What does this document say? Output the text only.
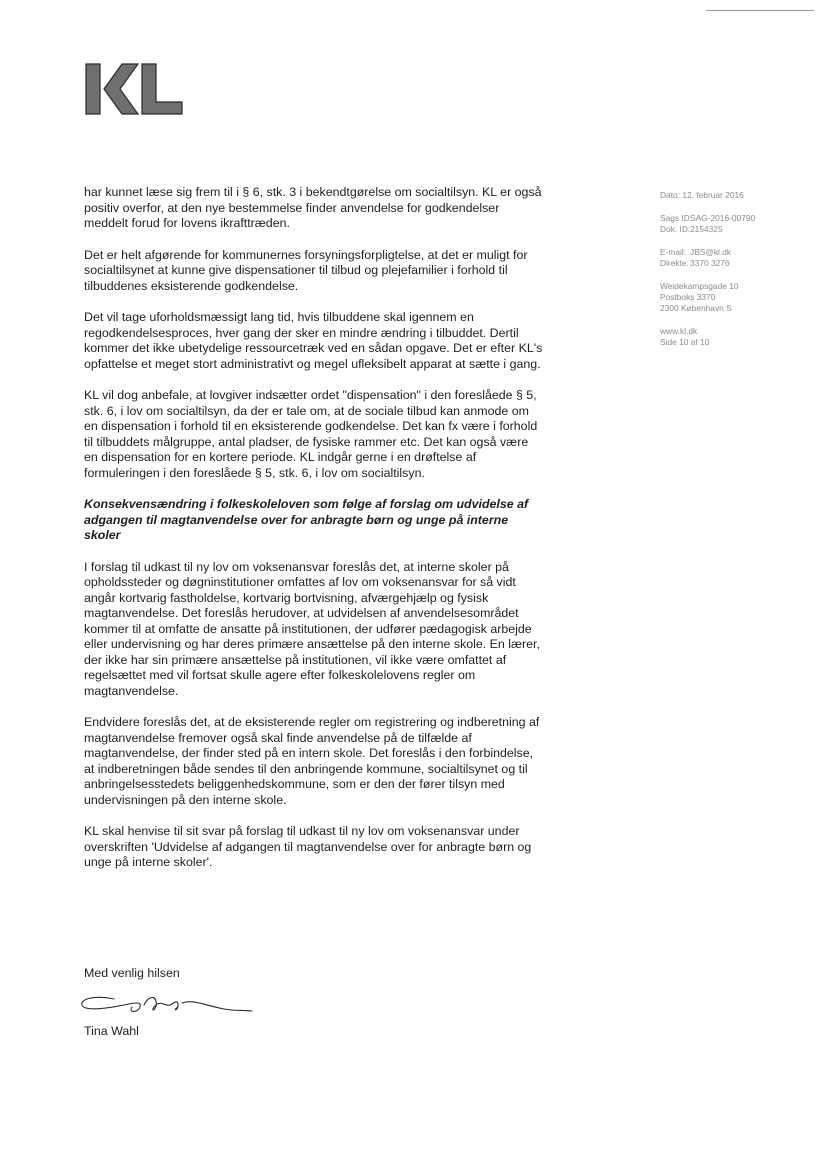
Dato: 12. februar 2016
Sags ID:SAG-2016-00790
Dok. ID:2154325
E-mail: JBS@kl.dk
Direkte:3370 3276
Weidekampsgade 10
Postboks 3370
2300 København S
www.kl.dk
Side 10 af 10

har kunnet læse sig frem til i § 6, stk. 3 i bekendtgørelse om socialtilsyn. KL er også positiv overfor, at den nye bestemmelse finder anvendelse for godkendelser meddelt forud for lovens ikrafttræden.

Det er helt afgørende for kommunernes forsyningsforpligtelse, at det er muligt for socialtilsynet at kunne give dispensationer til tilbud og plejefamilier i forhold til tilbuddenes eksisterende godkendelse.

Det vil tage uforholdsmæssigt lang tid, hvis tilbuddene skal igennem en regodkendelsesproces, hver gang der sker en mindre ændring i tilbuddet. Dertil kommer det ikke ubetydelige ressourcetræk ved en sådan opgave. Det er efter KL's opfattelse et meget stort administrativt og megel ufleksibelt apparat at sætte i gang.

KL vil dog anbefale, at lovgiver indsætter ordet "dispensation" i den foreslåede § 5, stk. 6, i lov om socialtilsyn, da der er tale om, at de sociale tilbud kan anmode om en dispensation i forhold til en eksisterende godkendelse. Det kan fx være i forhold til tilbuddets målgruppe, antal pladser, de fysiske rammer etc. Det kan også være en dispensation for en kortere periode. KL indgår gerne i en drøftelse af formuleringen i den foreslåede § 5, stk. 6, i lov om socialtilsyn.

Konsekvensændring i folkeskoleloven som følge af forslag om udvidelse af adgangen til magtanvendelse over for anbragte børn og unge på interne skoler

I forslag til udkast til ny lov om voksenansvar foreslås det, at interne skoler på opholdssteder og døgninstitutioner omfattes af lov om voksenansvar for så vidt angår kortvarig fastholdelse, kortvarig bortvisning, afværgehjælp og fysisk magtanvendelse. Det foreslås herudover, at udvidelsen af anvendelsesområdet kommer til at omfatte de ansatte på institutionen, der udfører pædagogisk arbejde eller undervisning og har deres primære ansættelse på den interne skole. En lærer, der ikke har sin primære ansættelse på institutionen, vil ikke være omfattet af regelsættet med vil fortsat skulle agere efter folkeskolelovens regler om magtanvendelse.

Endvidere foreslås det, at de eksisterende regler om registrering og indberetning af magtanvendelse fremover også skal finde anvendelse på de tilfælde af magtanvendelse, der finder sted på en intern skole. Det foreslås i den forbindelse, at indberetningen både sendes til den anbringende kommune, socialtilsynet og til anbringelsesstedets beliggenhedskommune, som er den der fører tilsyn med undervisningen på den interne skole.

KL skal henvise til sit svar på forslag til udkast til ny lov om voksenansvar under overskriften 'Udvidelse af adgangen til magtanvendelse over for anbragte børn og unge på interne skoler'.

Med venlig hilsen
Tina Wahl
